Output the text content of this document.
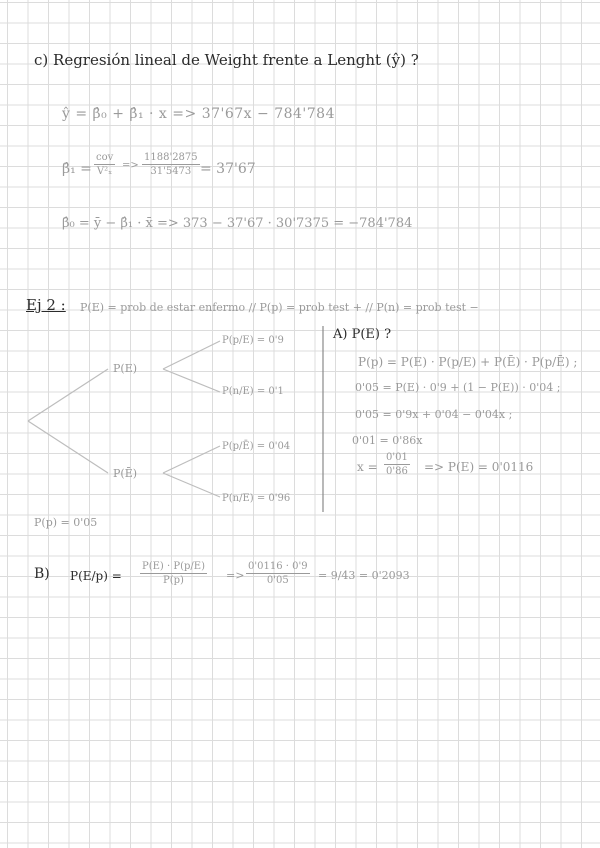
c) Regresión lineal de Weight frente a Lenght (ŷ) ?
ŷ = β̂₀ + β̂₁ · x => 37'67x − 784'784
β̂₁ =
cov
V²ₓ
=> $\frac{1188'2875}{31'5473} = 37'67$
β̂₀ = ȳ − β̂₁ · x̄ => 373 − 37'67 · 30'7375 = −784'784
Ej 2 : P(E) = prob de estar enfermo // P(p) = prob test + // P(n) = prob test −
P(E)
P(Ē)
P(p/E) = 0'9
P(n/E) = 0'1
P(p/Ē) = 0'04
P(n/E) = 0'96
P(p) = 0'05
A) P(E) ?
P(p) = P(E) · P(p/E) + P(Ē) · P(p/Ē) ;
0'05 = P(E) · 0'9 + (1 − P(E)) · 0'04 ;
0'05 = 0'9x + 0'04 − 0'04x ;
0'01 = 0'86x
$x = \frac{0'01}{0'86} => P(E) = 0'0116$
B) $P(E/p) = \frac{P(E) \cdot P(p/E)}{P(p)} => \frac{0'0116 \cdot 0'9}{0'05} = 9/43 = 0'2093$
